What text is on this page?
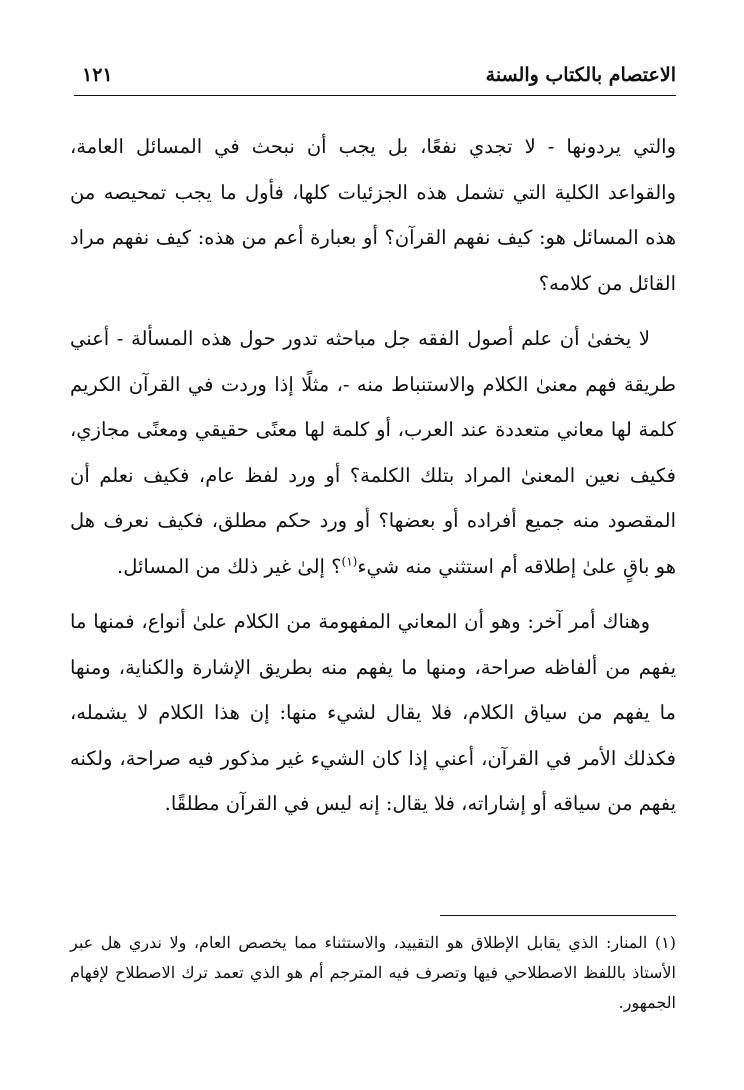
الاعتصام بالكتاب والسنة
١٢١

والتي يردونها - لا تجدي نفعًا، بل يجب أن نبحث في المسائل العامة، والقواعد الكلية التي تشمل هذه الجزئيات كلها، فأول ما يجب تمحيصه من هذه المسائل هو: كيف نفهم القرآن؟ أو بعبارة أعم من هذه: كيف نفهم مراد القائل من كلامه؟

لا يخفىٰ أن علم أصول الفقه جل مباحثه تدور حول هذه المسألة - أعني طريقة فهم معنىٰ الكلام والاستنباط منه -، مثلًا إذا وردت في القرآن الكريم كلمة لها معاني متعددة عند العرب، أو كلمة لها معنًى حقيقي ومعنًى مجازي، فكيف نعين المعنىٰ المراد بتلك الكلمة؟ أو ورد لفظ عام، فكيف نعلم أن المقصود منه جميع أفراده أو بعضها؟ أو ورد حكم مطلق، فكيف نعرف هل هو باقٍ علىٰ إطلاقه أم استثني منه شيء$^{(١)}$؟ إلىٰ غير ذلك من المسائل.

وهناك أمر آخر: وهو أن المعاني المفهومة من الكلام علىٰ أنواع، فمنها ما يفهم من ألفاظه صراحة، ومنها ما يفهم منه بطريق الإشارة والكناية، ومنها ما يفهم من سياق الكلام، فلا يقال لشيء منها: إن هذا الكلام لا يشمله، فكذلك الأمر في القرآن، أعني إذا كان الشيء غير مذكور فيه صراحة، ولكنه يفهم من سياقه أو إشاراته، فلا يقال: إنه ليس في القرآن مطلقًا.

(١) المنار: الذي يقابل الإطلاق هو التقييد، والاستثناء مما يخصص العام، ولا ندري هل عبر الأستاذ باللفظ الاصطلاحي فيها وتصرف فيه المترجم أم هو الذي تعمد ترك الاصطلاح لإفهام الجمهور.
